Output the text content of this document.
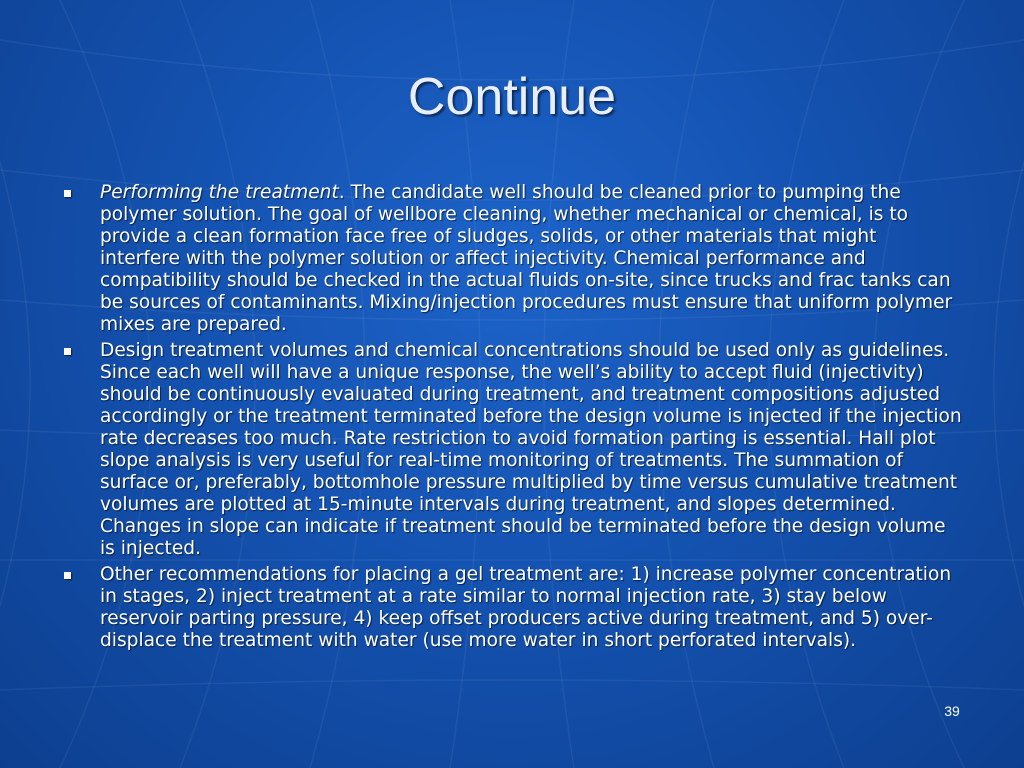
Continue
Performing the treatment. The candidate well should be cleaned prior to pumping the polymer solution. The goal of wellbore cleaning, whether mechanical or chemical, is to provide a clean formation face free of sludges, solids, or other materials that might interfere with the polymer solution or affect injectivity. Chemical performance and compatibility should be checked in the actual fluids on-site, since trucks and frac tanks can be sources of contaminants. Mixing/injection procedures must ensure that uniform polymer mixes are prepared.
Design treatment volumes and chemical concentrations should be used only as guidelines. Since each well will have a unique response, the well’s ability to accept fluid (injectivity) should be continuously evaluated during treatment, and treatment compositions adjusted accordingly or the treatment terminated before the design volume is injected if the injection rate decreases too much. Rate restriction to avoid formation parting is essential. Hall plot slope analysis is very useful for real-time monitoring of treatments. The summation of surface or, preferably, bottomhole pressure multiplied by time versus cumulative treatment volumes are plotted at 15-minute intervals during treatment, and slopes determined. Changes in slope can indicate if treatment should be terminated before the design volume is injected.
Other recommendations for placing a gel treatment are: 1) increase polymer concentration in stages, 2) inject treatment at a rate similar to normal injection rate, 3) stay below reservoir parting pressure, 4) keep offset producers active during treatment, and 5) over-displace the treatment with water (use more water in short perforated intervals).
39
